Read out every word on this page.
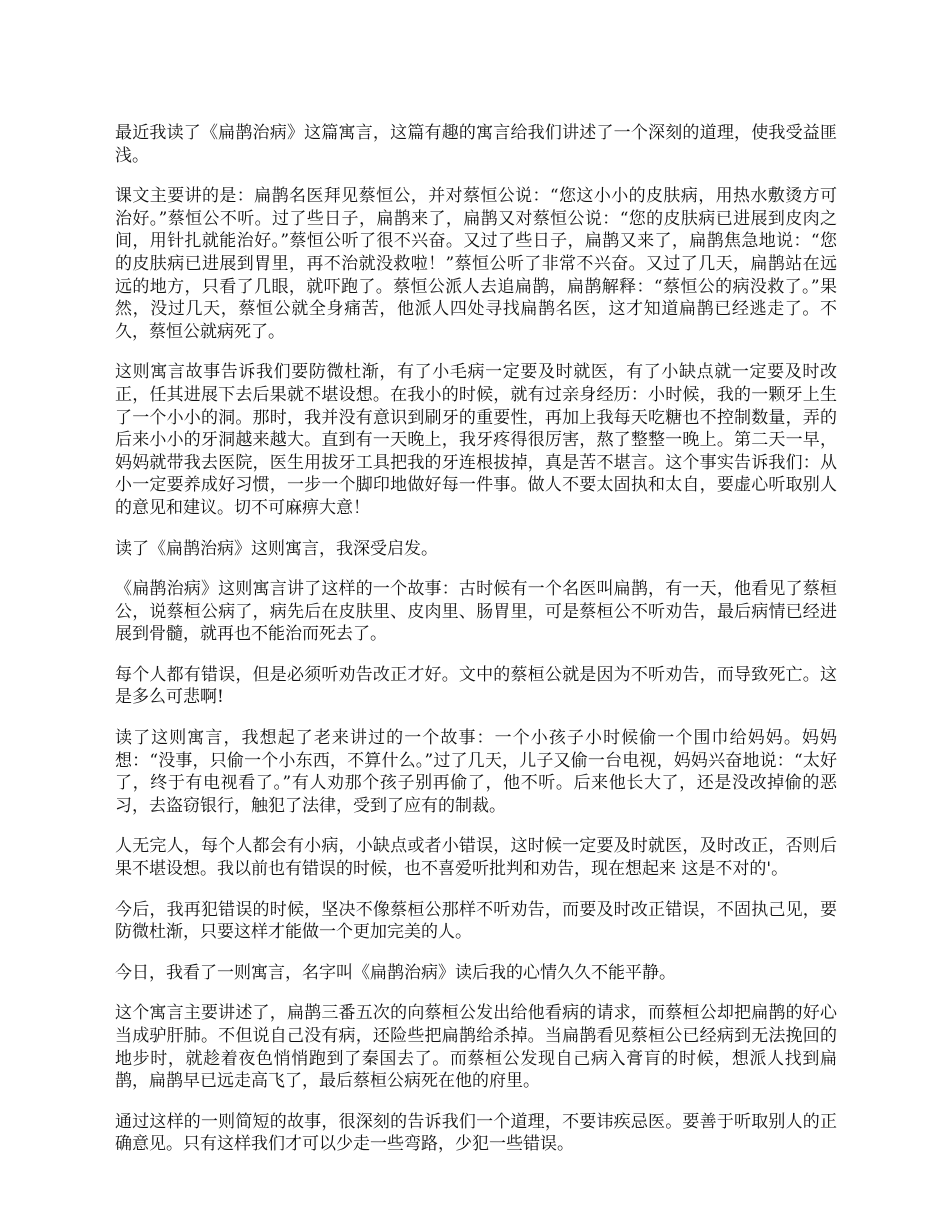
最近我读了《扁鹊治病》这篇寓言，这篇有趣的寓言给我们讲述了一个深刻的道理，使我受益匪浅。

课文主要讲的是：扁鹊名医拜见蔡恒公，并对蔡恒公说：“您这小小的皮肤病，用热水敷烫方可治好。”蔡恒公不听。过了些日子，扁鹊来了，扁鹊又对蔡恒公说：“您的皮肤病已进展到皮肉之间，用针扎就能治好。”蔡恒公听了很不兴奋。又过了些日子，扁鹊又来了，扁鹊焦急地说：“您的皮肤病已进展到胃里，再不治就没救啦！”蔡恒公听了非常不兴奋。又过了几天，扁鹊站在远远的地方，只看了几眼，就吓跑了。蔡恒公派人去追扁鹊，扁鹊解释：“蔡恒公的病没救了。”果然，没过几天，蔡恒公就全身痛苦，他派人四处寻找扁鹊名医，这才知道扁鹊已经逃走了。不久，蔡恒公就病死了。

这则寓言故事告诉我们要防微杜渐，有了小毛病一定要及时就医，有了小缺点就一定要及时改正，任其进展下去后果就不堪设想。在我小的时候，就有过亲身经历：小时候，我的一颗牙上生了一个小小的洞。那时，我并没有意识到刷牙的重要性，再加上我每天吃糖也不控制数量，弄的后来小小的牙洞越来越大。直到有一天晚上，我牙疼得很厉害，熬了整整一晚上。第二天一早，妈妈就带我去医院，医生用拔牙工具把我的牙连根拔掉，真是苦不堪言。这个事实告诉我们：从小一定要养成好习惯，一步一个脚印地做好每一件事。做人不要太固执和太自，要虚心听取别人的意见和建议。切不可麻痹大意！

读了《扁鹊治病》这则寓言，我深受启发。

《扁鹊治病》这则寓言讲了这样的一个故事：古时候有一个名医叫扁鹊，有一天，他看见了蔡桓公，说蔡桓公病了，病先后在皮肤里、皮肉里、肠胃里，可是蔡桓公不听劝告，最后病情已经进展到骨髓，就再也不能治而死去了。

每个人都有错误，但是必须听劝告改正才好。文中的蔡桓公就是因为不听劝告，而导致死亡。这是多么可悲啊!

读了这则寓言，我想起了老来讲过的一个故事：一个小孩子小时候偷一个围巾给妈妈。妈妈想：“没事，只偷一个小东西，不算什么。”过了几天，儿子又偷一台电视，妈妈兴奋地说：“太好了，终于有电视看了。”有人劝那个孩子别再偷了，他不听。后来他长大了，还是没改掉偷的恶习，去盗窃银行，触犯了法律，受到了应有的制裁。

人无完人，每个人都会有小病，小缺点或者小错误，这时候一定要及时就医，及时改正，否则后果不堪设想。我以前也有错误的时候，也不喜爱听批判和劝告，现在想起来 这是不对的'。

今后，我再犯错误的时候，坚决不像蔡桓公那样不听劝告，而要及时改正错误，不固执己见，要防微杜渐，只要这样才能做一个更加完美的人。

今日，我看了一则寓言，名字叫《扁鹊治病》读后我的心情久久不能平静。

这个寓言主要讲述了，扁鹊三番五次的向蔡桓公发出给他看病的请求，而蔡桓公却把扁鹊的好心当成驴肝肺。不但说自己没有病，还险些把扁鹊给杀掉。当扁鹊看见蔡桓公已经病到无法挽回的地步时，就趁着夜色悄悄跑到了秦国去了。而蔡桓公发现自己病入膏肓的时候，想派人找到扁鹊，扁鹊早已远走高飞了，最后蔡桓公病死在他的府里。

通过这样的一则简短的故事，很深刻的告诉我们一个道理，不要讳疾忌医。要善于听取别人的正确意见。只有这样我们才可以少走一些弯路，少犯一些错误。
